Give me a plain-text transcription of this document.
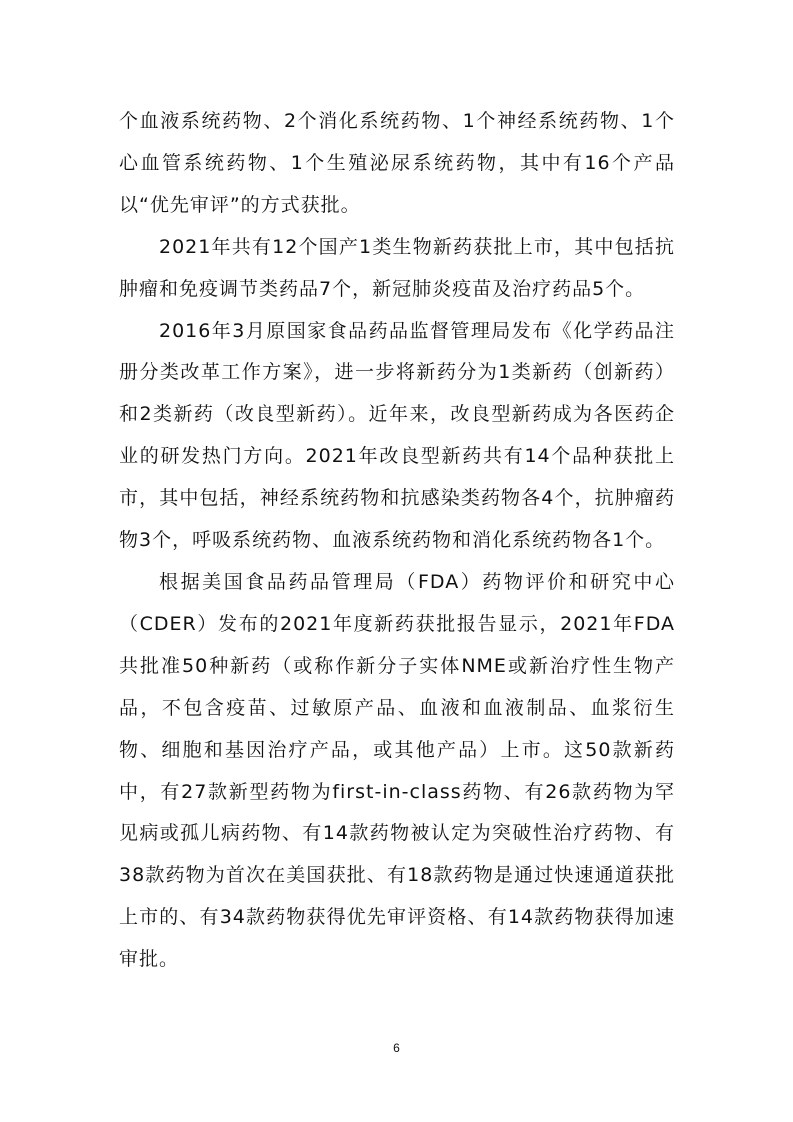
个血液系统药物、2个消化系统药物、1个神经系统药物、1个心血管系统药物、1个生殖泌尿系统药物，其中有16个产品以“优先审评”的方式获批。

2021年共有12个国产1类生物新药获批上市，其中包括抗肿瘤和免疫调节类药品7个，新冠肺炎疫苗及治疗药品5个。

2016年3月原国家食品药品监督管理局发布《化学药品注册分类改革工作方案》，进一步将新药分为1类新药（创新药）和2类新药（改良型新药）。近年来，改良型新药成为各医药企业的研发热门方向。2021年改良型新药共有14个品种获批上市，其中包括，神经系统药物和抗感染类药物各4个，抗肿瘤药物3个，呼吸系统药物、血液系统药物和消化系统药物各1个。

根据美国食品药品管理局（FDA）药物评价和研究中心（CDER）发布的2021年度新药获批报告显示，2021年FDA共批准50种新药（或称作新分子实体NME或新治疗性生物产品，不包含疫苗、过敏原产品、血液和血液制品、血浆衍生物、细胞和基因治疗产品，或其他产品）上市。这50款新药中，有27款新型药物为first-in-class药物、有26款药物为罕见病或孤儿病药物、有14款药物被认定为突破性治疗药物、有38款药物为首次在美国获批、有18款药物是通过快速通道获批上市的、有34款药物获得优先审评资格、有14款药物获得加速审批。

6
